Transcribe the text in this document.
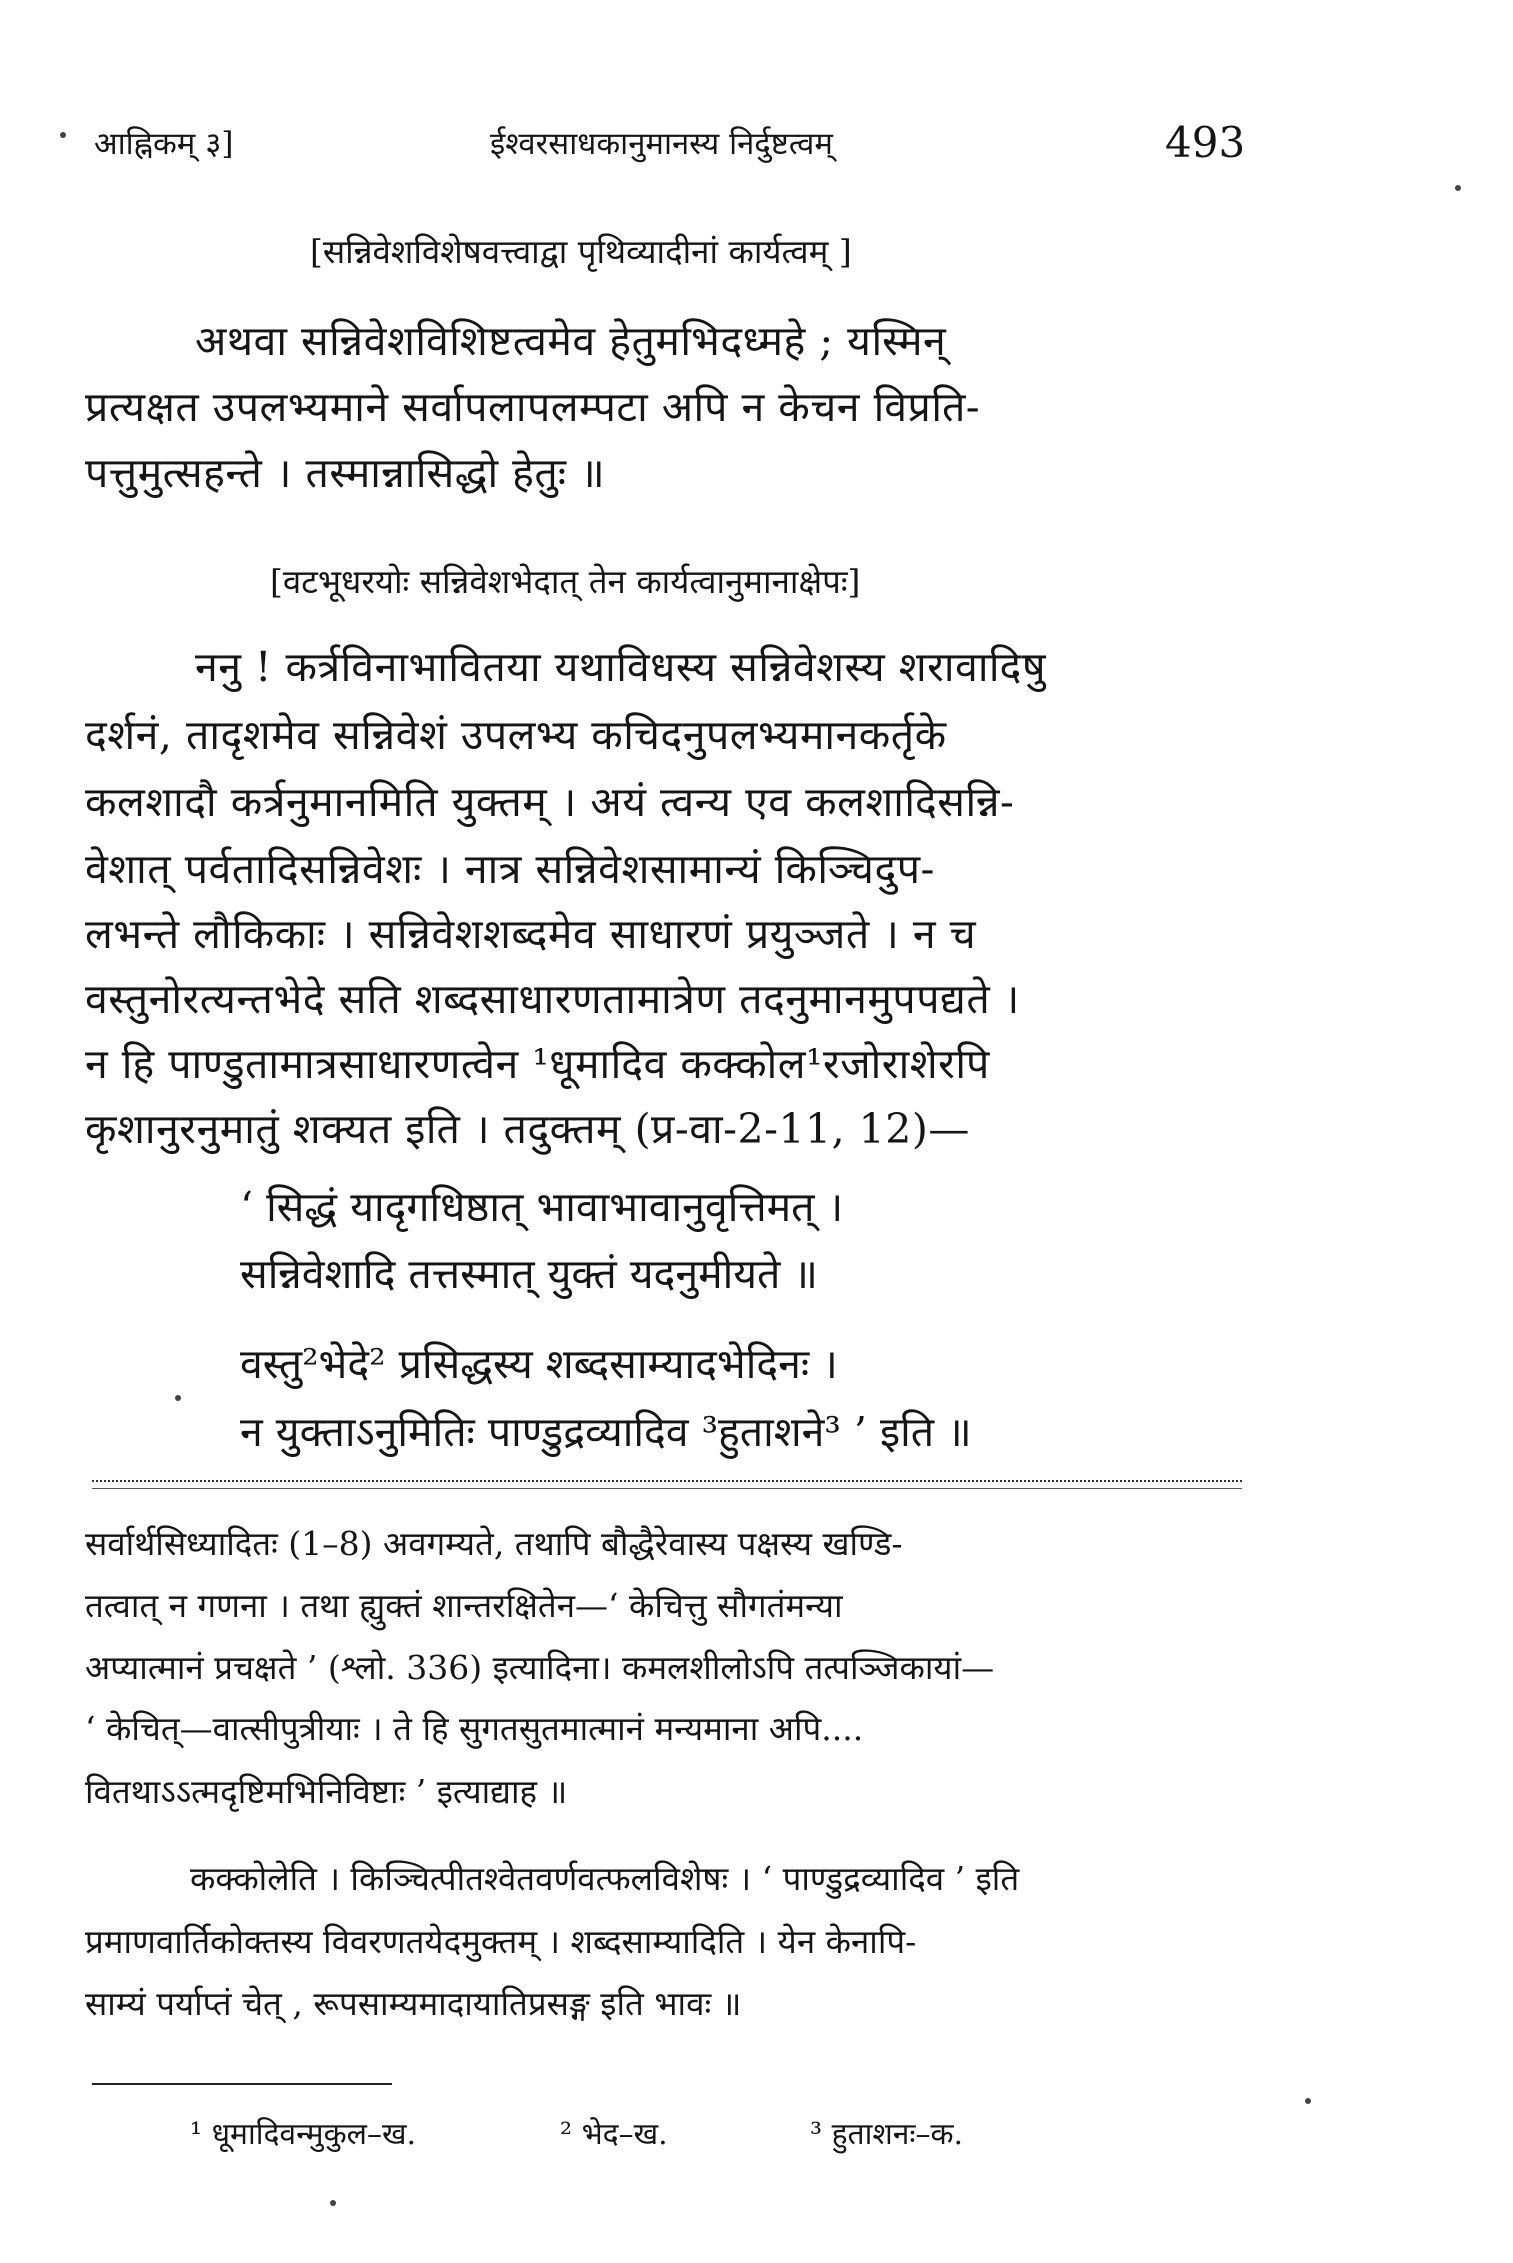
आह्निकम् ३]	ईश्वरसाधकानुमानस्य निर्दुष्टत्वम्	493
[सन्निवेशविशेषवत्त्वाद्वा पृथिव्यादीनां कार्यत्वम् ]
अथवा सन्निवेशविशिष्टत्वमेव हेतुमभिदध्महे ; यस्मिन्
प्रत्यक्षत उपलभ्यमाने सर्वापलापलम्पटा अपि न केचन विप्रति-
पत्तुमुत्सहन्ते । तस्मान्नासिद्धो हेतुः ॥
[वटभूधरयोः सन्निवेशभेदात् तेन कार्यत्वानुमानाक्षेपः]
ननु ! कर्त्रविनाभावितया यथाविधस्य सन्निवेशस्य शरावादिषु
दर्शनं, तादृशमेव सन्निवेशं उपलभ्य कचिदनुपलभ्यमानकर्तृके
कलशादौ कर्त्रनुमानमिति युक्तम् । अयं त्वन्य एव कलशादिसन्नि-
वेशात् पर्वतादिसन्निवेशः । नात्र सन्निवेशसामान्यं किञ्चिदुप-
लभन्ते लौकिकाः । सन्निवेशशब्दमेव साधारणं प्रयुञ्जते । न च
वस्तुनोरत्यन्तभेदे सति शब्दसाधारणतामात्रेण तदनुमानमुपपद्यते ।
न हि पाण्डुतामात्रसाधारणत्वेन ¹धूमादिव कक्कोल¹रजोराशेरपि
कृशानुरनुमातुं शक्यत इति । तदुक्तम् (प्र-वा-2-11, 12)—
‘ सिद्धं यादृगधिष्ठात् भावाभावानुवृत्तिमत् ।
सन्निवेशादि तत्तस्मात् युक्तं यदनुमीयते ॥
वस्तु²भेदे² प्रसिद्धस्य शब्दसाम्यादभेदिनः ।
न युक्ताऽनुमितिः पाण्डुद्रव्यादिव ³हुताशने³ ’ इति ॥
सर्वार्थसिध्यादितः (1–8) अवगम्यते, तथापि बौद्धैरेवास्य पक्षस्य खण्डि-
तत्वात् न गणना । तथा ह्युक्तं शान्तरक्षितेन—‘ केचित्तु सौगतंमन्या
अप्यात्मानं प्रचक्षते ’ (श्लो. 336) इत्यादिना। कमलशीलोऽपि तत्पञ्जिकायां—
‘ केचित्—वात्सीपुत्रीयाः । ते हि सुगतसुतमात्मानं मन्यमाना अपि....
वितथाऽऽत्मदृष्टिमभिनिविष्टाः ’ इत्याद्याह ॥
कक्कोलेति । किञ्चित्पीतश्वेतवर्णवत्फलविशेषः । ‘ पाण्डुद्रव्यादिव ’ इति
प्रमाणवार्तिकोक्तस्य विवरणतयेदमुक्तम् । शब्दसाम्यादिति । येन केनापि-
साम्यं पर्याप्तं चेत् , रूपसाम्यमादायातिप्रसङ्ग इति भावः ॥
¹ धूमादिवन्मुकुल–ख.	² भेद–ख.	³ हुताशनः–क.
